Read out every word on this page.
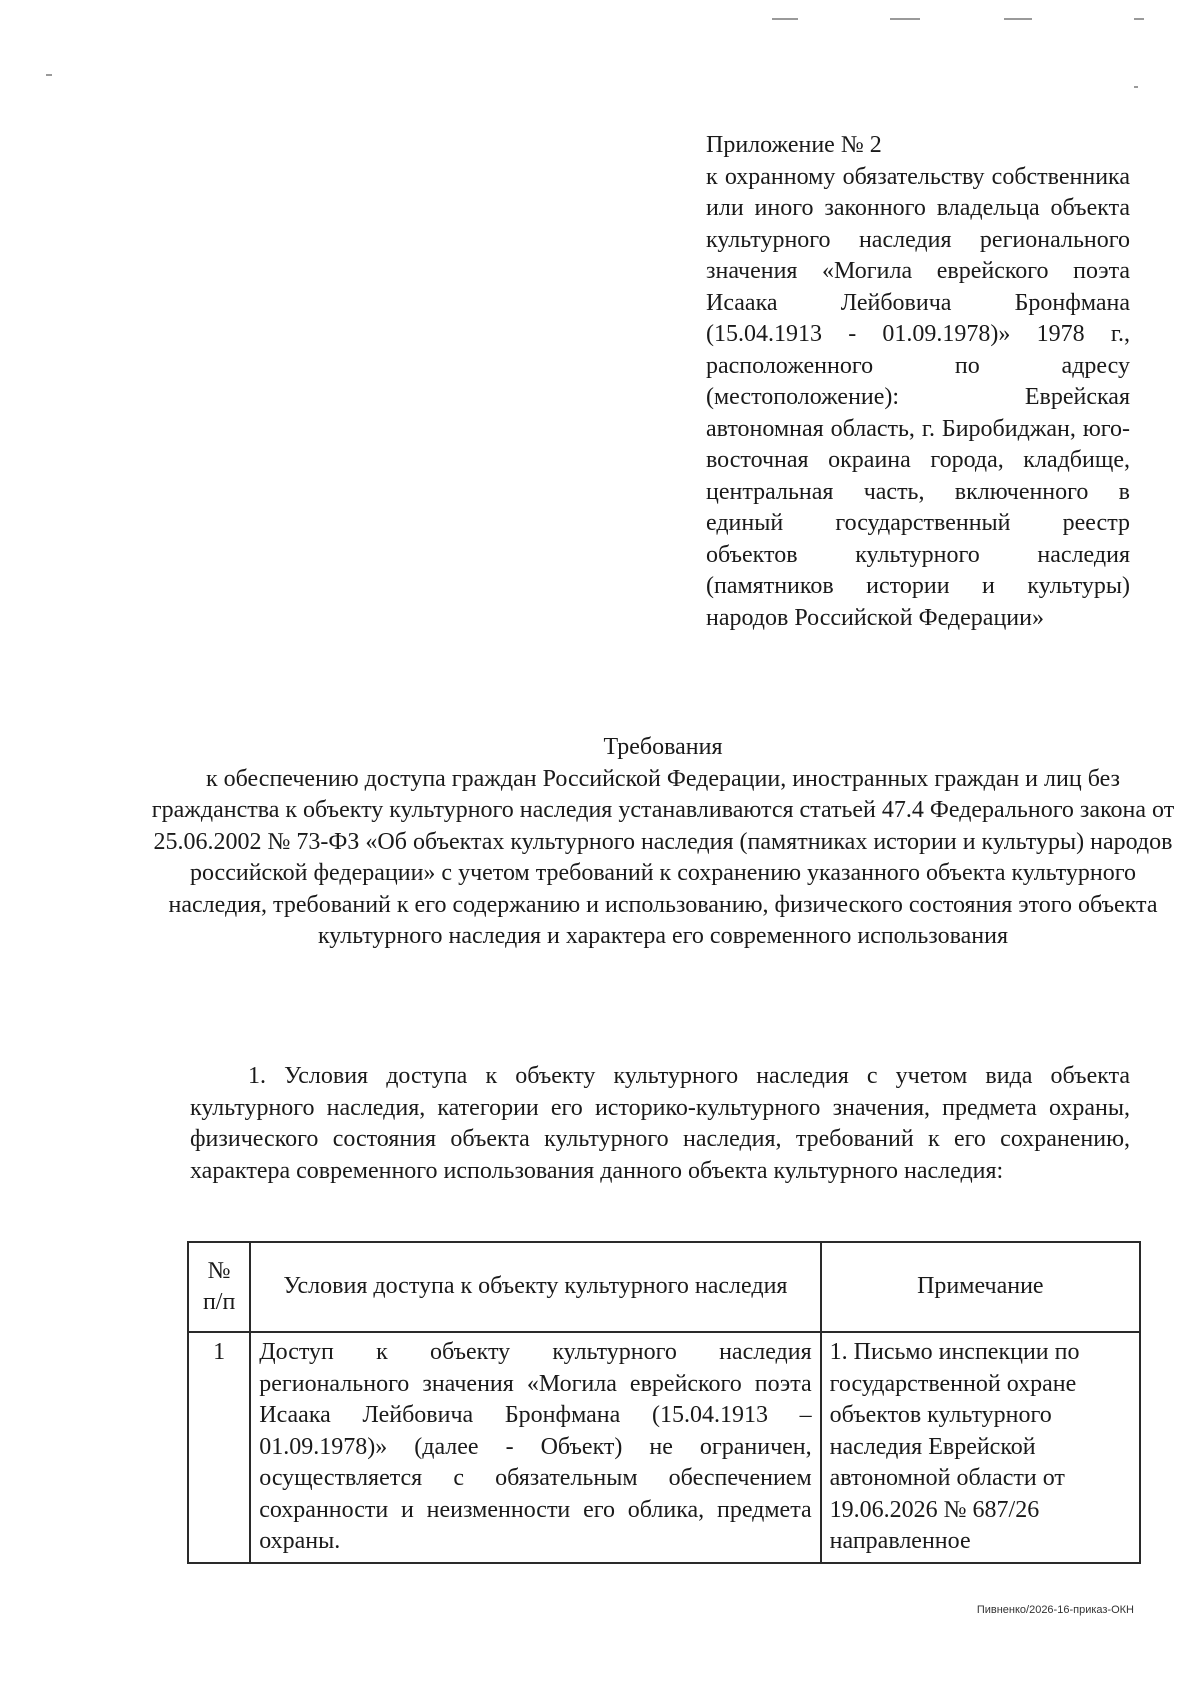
Приложение № 2
к охранному обязательству собственника или иного законного владельца объекта культурного наследия регионального значения «Могила еврейского поэта Исаака Лейбовича Бронфмана (15.04.1913 - 01.09.1978)» 1978 г., расположенного по адресу (местоположение): Еврейская автономная область, г. Биробиджан, юго-восточная окраина города, кладбище, центральная часть, включенного в единый государственный реестр объектов культурного наследия (памятников истории и культуры) народов Российской Федерации»
Требования
к обеспечению доступа граждан Российской Федерации, иностранных граждан и лиц без гражданства к объекту культурного наследия устанавливаются статьей 47.4 Федерального закона от 25.06.2002 № 73-ФЗ «Об объектах культурного наследия (памятниках истории и культуры) народов российской федерации» с учетом требований к сохранению указанного объекта культурного наследия, требований к его содержанию и использованию, физического состояния этого объекта культурного наследия и характера его современного использования
1. Условия доступа к объекту культурного наследия с учетом вида объекта культурного наследия, категории его историко-культурного значения, предмета охраны, физического состояния объекта культурного наследия, требований к его сохранению, характера современного использования данного объекта культурного наследия:
№ п/п	Условия доступа к объекту культурного наследия	Примечание
1	Доступ к объекту культурного наследия регионального значения «Могила еврейского поэта Исаака Лейбовича Бронфмана (15.04.1913 – 01.09.1978)» (далее - Объект) не ограничен, осуществляется с обязательным обеспечением сохранности и неизменности его облика, предмета охраны.	1. Письмо инспекции по государственной охране объектов культурного наследия Еврейской автономной области от 19.06.2026 № 687/26 направленное
Пивненко/2026-16-приказ-ОКН
